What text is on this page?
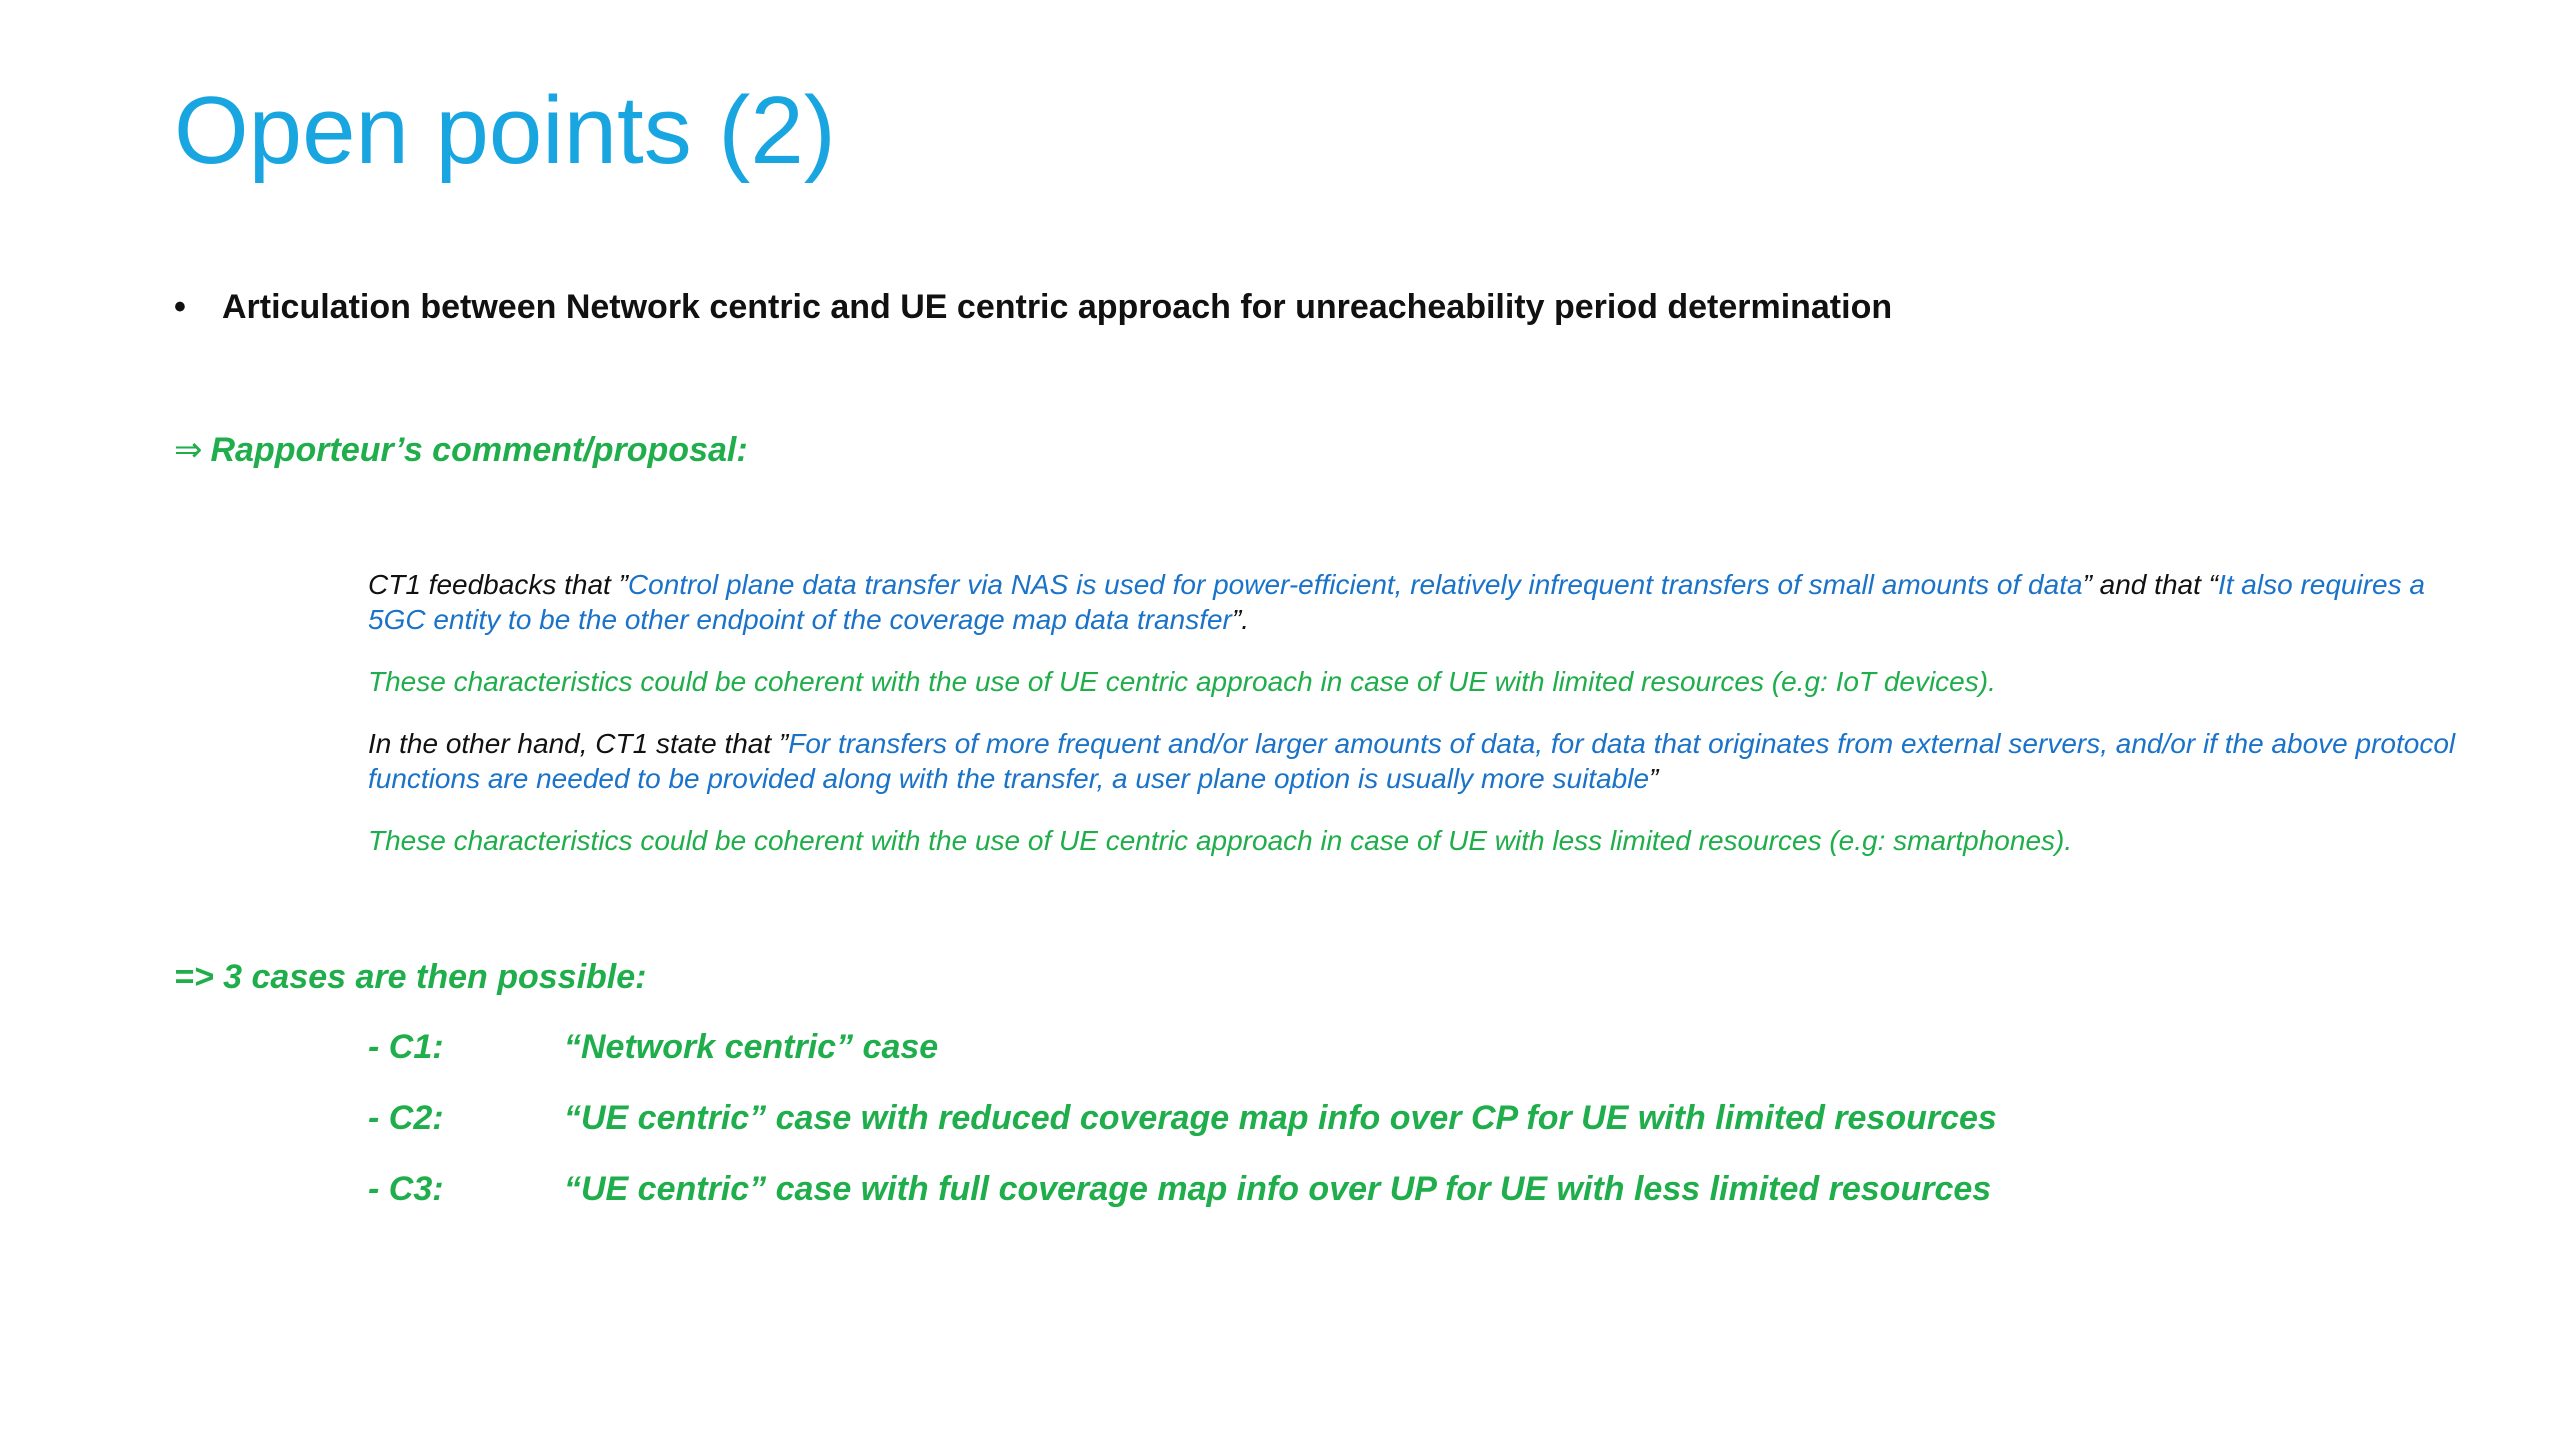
Open points (2)
•	Articulation between Network centric and UE centric approach for unreacheability period determination
⇒ Rapporteur’s comment/proposal:

CT1 feedbacks that ”Control plane data transfer via NAS is used for power-efficient, relatively infrequent transfers of small amounts of data” and that “It also requires a 5GC entity to be the other endpoint of the coverage map data transfer”.

These characteristics could be coherent with the use of UE centric approach in case of UE with limited resources (e.g: IoT devices).

In the other hand, CT1 state that ”For transfers of more frequent and/or larger amounts of data, for data that originates from external servers, and/or if the above protocol functions are needed to be provided along with the transfer, a user plane option is usually more suitable”

These characteristics could be coherent with the use of UE centric approach in case of UE with less limited resources (e.g: smartphones).

=> 3 cases are then possible:
- C1:	“Network centric” case
- C2:	“UE centric” case with reduced coverage map info over CP for UE with limited resources
- C3:	“UE centric” case with full coverage map info over UP for UE with less limited resources
